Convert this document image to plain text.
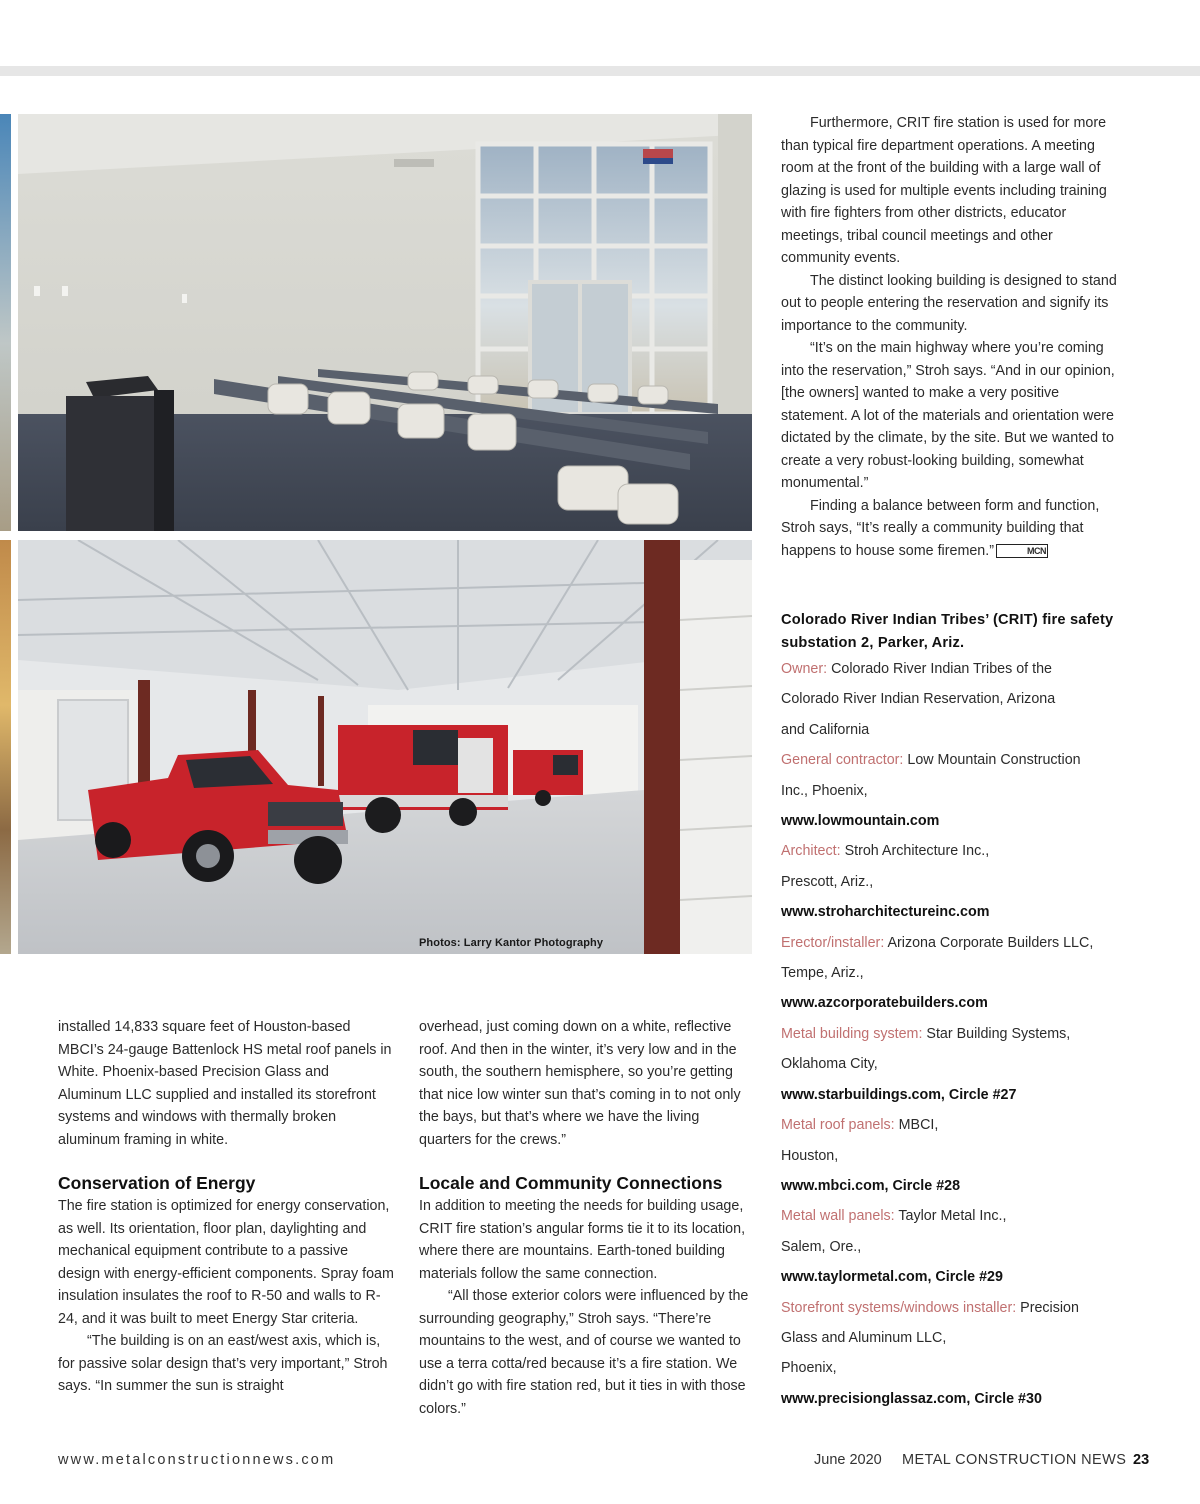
Photos: Larry Kantor Photography

Furthermore, CRIT fire station is used for more than typical fire department operations. A meeting room at the front of the building with a large wall of glazing is used for multiple events including training with fire fighters from other districts, educator meetings, tribal council meetings and other community events.

The distinct looking building is designed to stand out to people entering the reservation and signify its importance to the community.

“It’s on the main highway where you’re coming into the reservation,” Stroh says. “And in our opinion, [the owners] wanted to make a very positive statement. A lot of the materials and orientation were dictated by the climate, by the site. But we wanted to create a very robust-looking building, somewhat monumental.”

Finding a balance between form and function, Stroh says, “It’s really a community building that happens to house some firemen.”	MCN

Colorado River Indian Tribes’ (CRIT) fire safety substation 2, Parker, Ariz.
Owner: Colorado River Indian Tribes of the
Colorado River Indian Reservation, Arizona
and California
General contractor: Low Mountain Construction
Inc., Phoenix,
www.lowmountain.com
Architect: Stroh Architecture Inc.,
Prescott, Ariz.,
www.stroharchitectureinc.com
Erector/installer: Arizona Corporate Builders LLC,
Tempe, Ariz.,
www.azcorporatebuilders.com
Metal building system: Star Building Systems,
Oklahoma City,
www.starbuildings.com, Circle #27
Metal roof panels: MBCI,
Houston,
www.mbci.com, Circle #28
Metal wall panels: Taylor Metal Inc.,
Salem, Ore.,
www.taylormetal.com, Circle #29
Storefront systems/windows installer: Precision
Glass and Aluminum LLC,
Phoenix,
www.precisionglassaz.com, Circle #30

installed 14,833 square feet of Houston-based MBCI’s 24-gauge Battenlock HS metal roof panels in White. Phoenix-based Precision Glass and Aluminum LLC supplied and installed its storefront systems and windows with thermally broken aluminum framing in white.

Conservation of Energy

The fire station is optimized for energy conservation, as well. Its orientation, floor plan, daylighting and mechanical equipment contribute to a passive design with energy-efficient components. Spray foam insulation insulates the roof to R-50 and walls to R-24, and it was built to meet Energy Star criteria.

“The building is on an east/west axis, which is, for passive solar design that’s very important,” Stroh says. “In summer the sun is straight

overhead, just coming down on a white, reflective roof. And then in the winter, it’s very low and in the south, the southern hemisphere, so you’re getting that nice low winter sun that’s coming in to not only the bays, but that’s where we have the living quarters for the crews.”

Locale and Community Connections

In addition to meeting the needs for building usage, CRIT fire station’s angular forms tie it to its location, where there are mountains. Earth-toned building materials follow the same connection.

“All those exterior colors were influenced by the surrounding geography,” Stroh says. “There’re mountains to the west, and of course we wanted to use a terra cotta/red because it’s a fire station. We didn’t go with fire station red, but it ties in with those colors.”

www.metalconstructionnews.com	June 2020 METAL CONSTRUCTION NEWS 23
